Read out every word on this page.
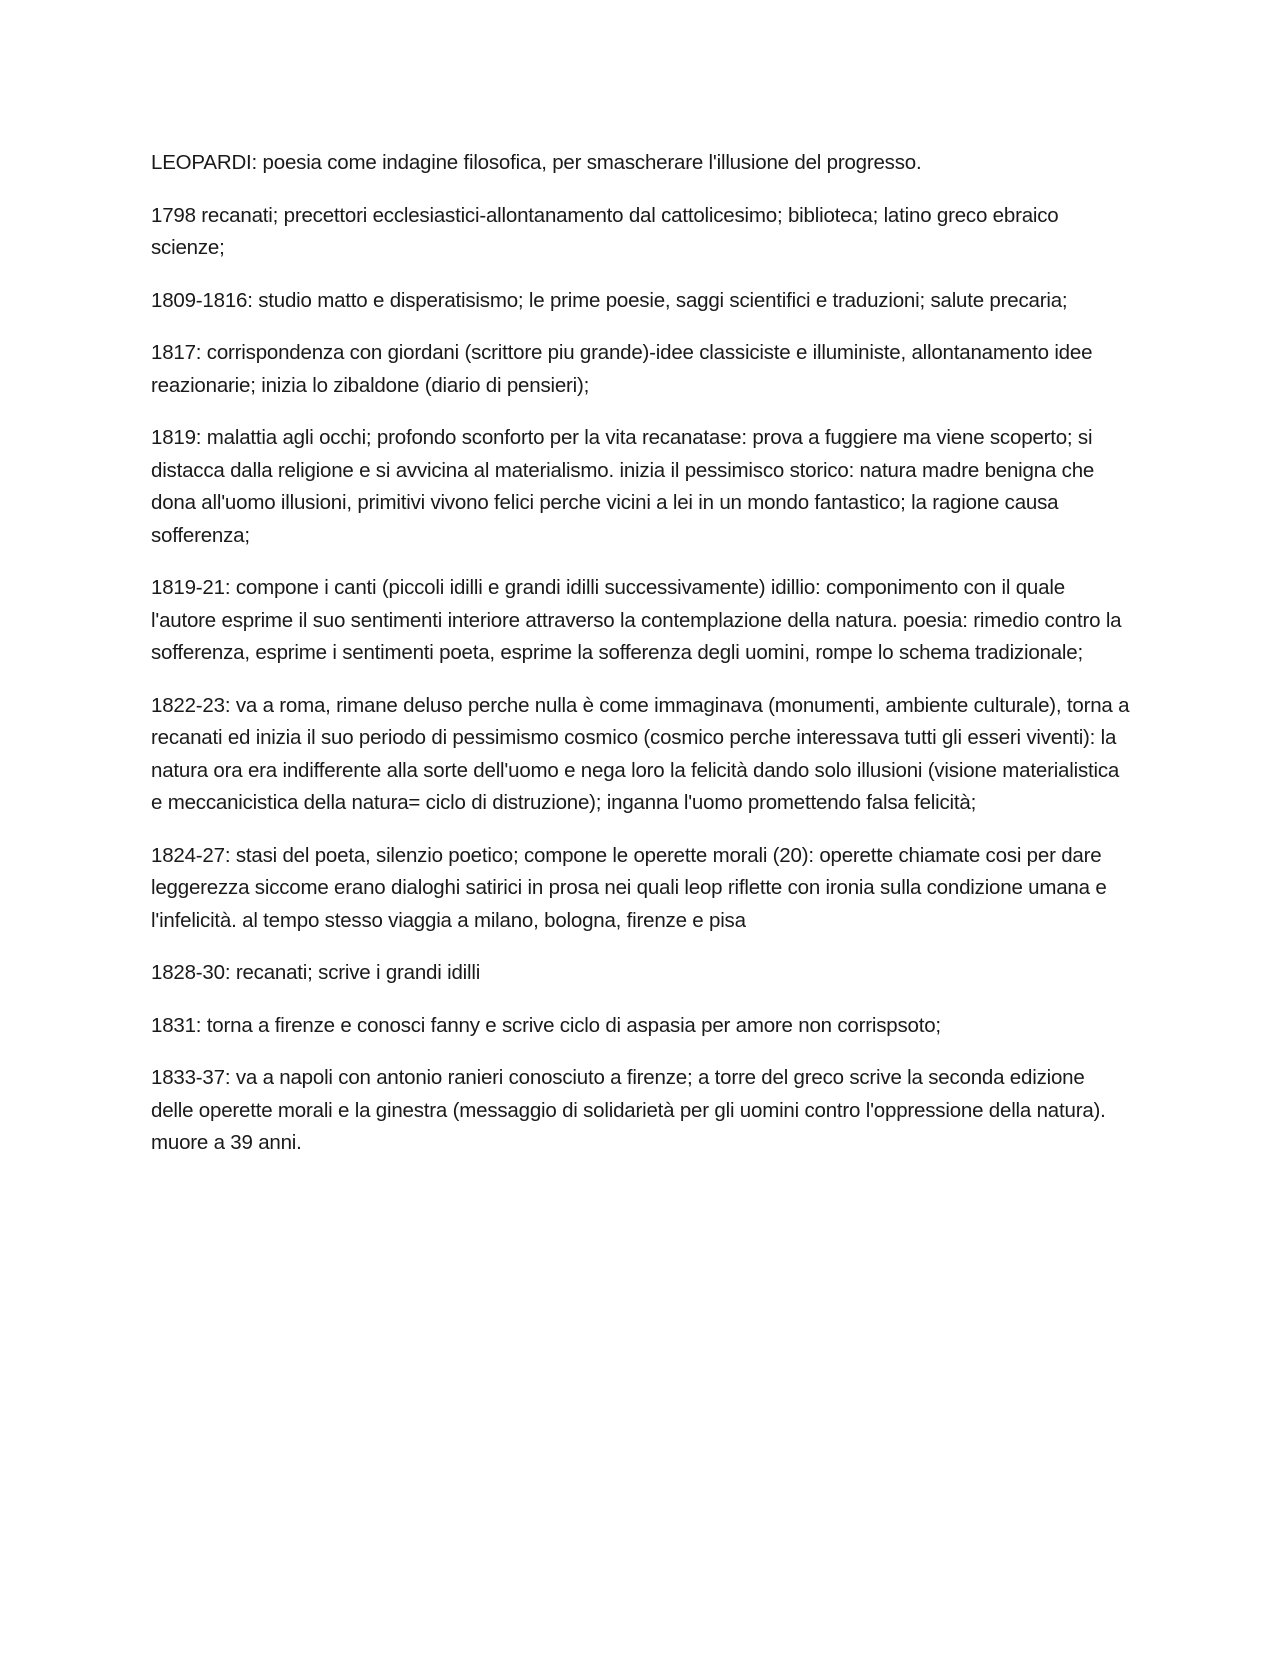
LEOPARDI: poesia come indagine filosofica, per smascherare l'illusione del progresso.

1798 recanati; precettori ecclesiastici-allontanamento dal cattolicesimo; biblioteca; latino greco ebraico scienze;

1809-1816: studio matto e disperatisismo; le prime poesie, saggi scientifici e traduzioni; salute precaria;

1817: corrispondenza con giordani (scrittore piu grande)-idee classiciste e illuministe, allontanamento idee reazionarie; inizia lo zibaldone (diario di pensieri);

1819: malattia agli occhi; profondo sconforto per la vita recanatase: prova a fuggiere ma viene scoperto; si distacca dalla religione e si avvicina al materialismo. inizia il pessimisco storico: natura madre benigna che dona all'uomo illusioni, primitivi vivono felici perche vicini a lei in un mondo fantastico; la ragione causa sofferenza;

1819-21: compone i canti (piccoli idilli e grandi idilli successivamente) idillio: componimento con il quale l'autore esprime il suo sentimenti interiore attraverso la contemplazione della natura. poesia: rimedio contro la sofferenza, esprime i sentimenti poeta, esprime la sofferenza degli uomini, rompe lo schema tradizionale;

1822-23: va a roma, rimane deluso perche nulla è come immaginava (monumenti, ambiente culturale), torna a recanati ed inizia il suo periodo di pessimismo cosmico (cosmico perche interessava tutti gli esseri viventi): la natura ora era indifferente alla sorte dell'uomo e nega loro la felicità dando solo illusioni (visione materialistica e meccanicistica della natura= ciclo di distruzione); inganna l'uomo promettendo falsa felicità;

1824-27: stasi del poeta, silenzio poetico; compone le operette morali (20): operette chiamate cosi per dare leggerezza siccome erano dialoghi satirici in prosa nei quali leop riflette con ironia sulla condizione umana e l'infelicità. al tempo stesso viaggia a milano, bologna, firenze e pisa

1828-30: recanati; scrive i grandi idilli

1831: torna a firenze e conosci fanny e scrive ciclo di aspasia per amore non corrispsoto;

1833-37: va a napoli con antonio ranieri conosciuto a firenze; a torre del greco scrive la seconda edizione delle operette morali e la ginestra (messaggio di solidarietà per gli uomini contro l'oppressione della natura). muore a 39 anni.
